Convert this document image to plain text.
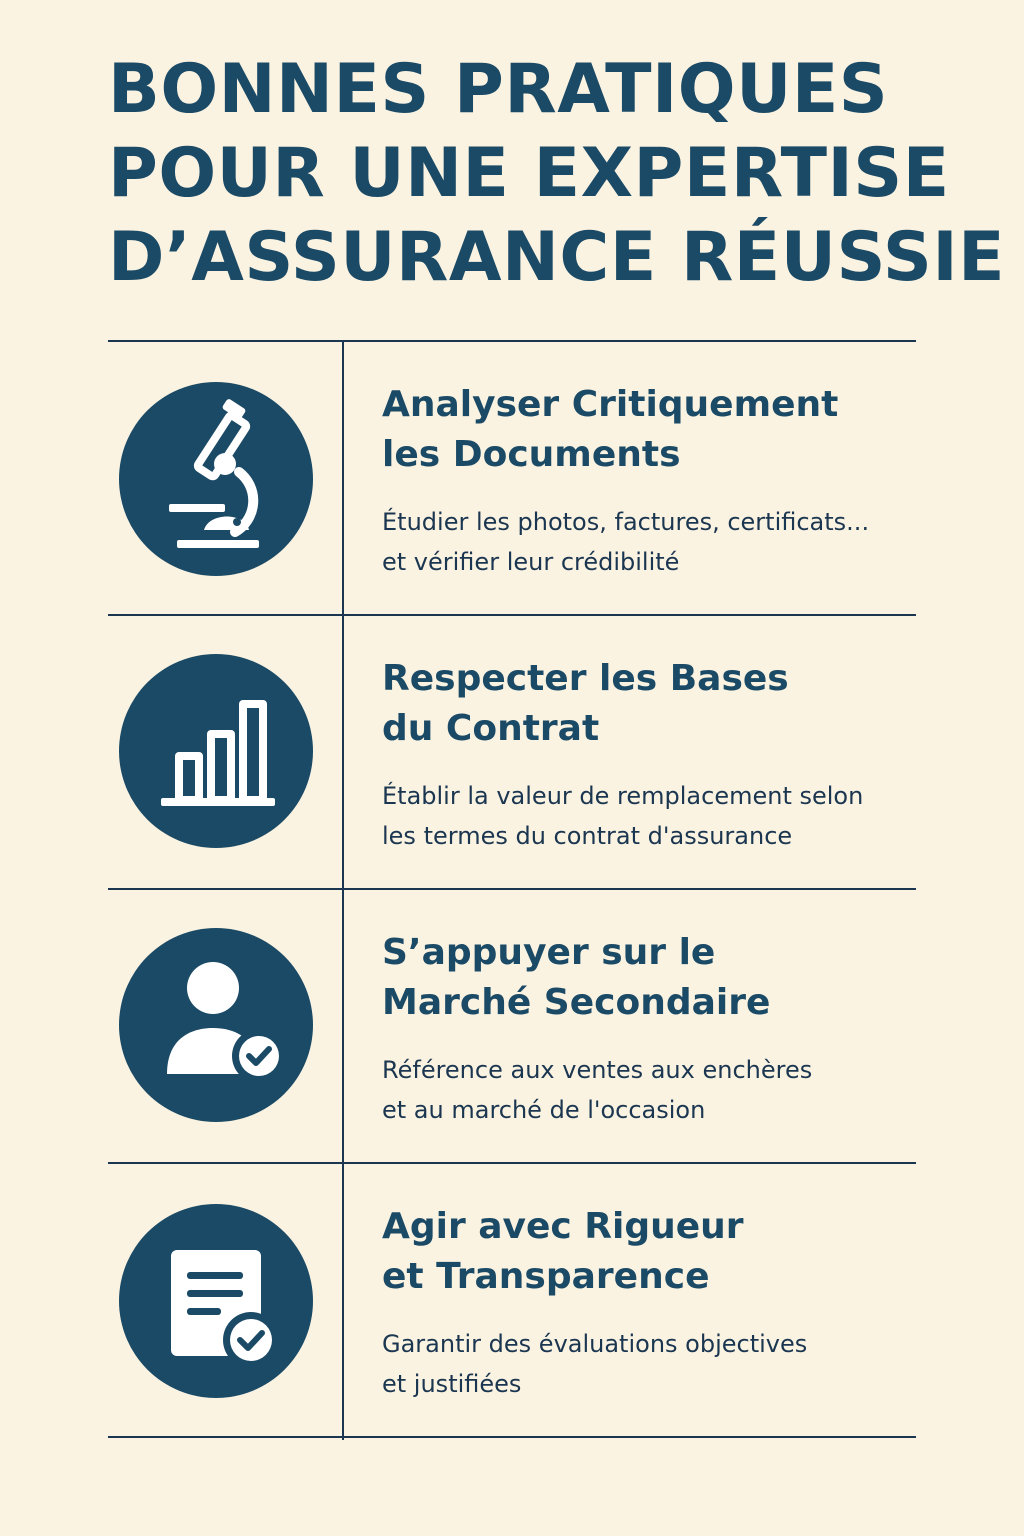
BONNES PRATIQUES
POUR UNE EXPERTISE
D’ASSURANCE RÉUSSIE
Analyser Critiquement
les Documents

Étudier les photos, factures, certificats...
et vérifier leur crédibilité

Respecter les Bases
du Contrat

Établir la valeur de remplacement selon
les termes du contrat d'assurance

S’appuyer sur le
Marché Secondaire

Référence aux ventes aux enchères
et au marché de l'occasion

Agir avec Rigueur
et Transparence

Garantir des évaluations objectives
et justifiées
